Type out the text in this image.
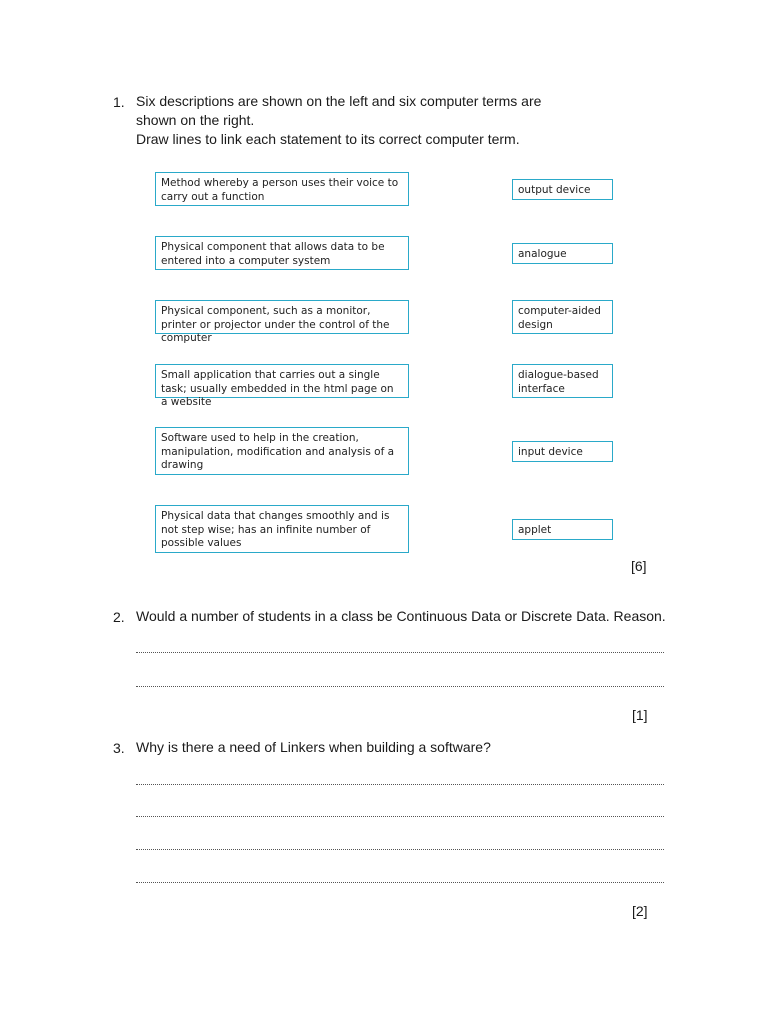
1. Six descriptions are shown on the left and six computer terms are
shown on the right.
Draw lines to link each statement to its correct computer term.
Method whereby a person uses their voice to carry out a function
Physical component that allows data to be entered into a computer system
Physical component, such as a monitor, printer or projector under the control of the computer
Small application that carries out a single task; usually embedded in the html page on a website
Software used to help in the creation, manipulation, modification and analysis of a drawing
Physical data that changes smoothly and is not step wise; has an infinite number of possible values
output device
analogue
computer-aided design
dialogue-based interface
input device
applet
[6]
2. Would a number of students in a class be Continuous Data or Discrete Data. Reason.
[1]
3. Why is there a need of Linkers when building a software?
[2]
